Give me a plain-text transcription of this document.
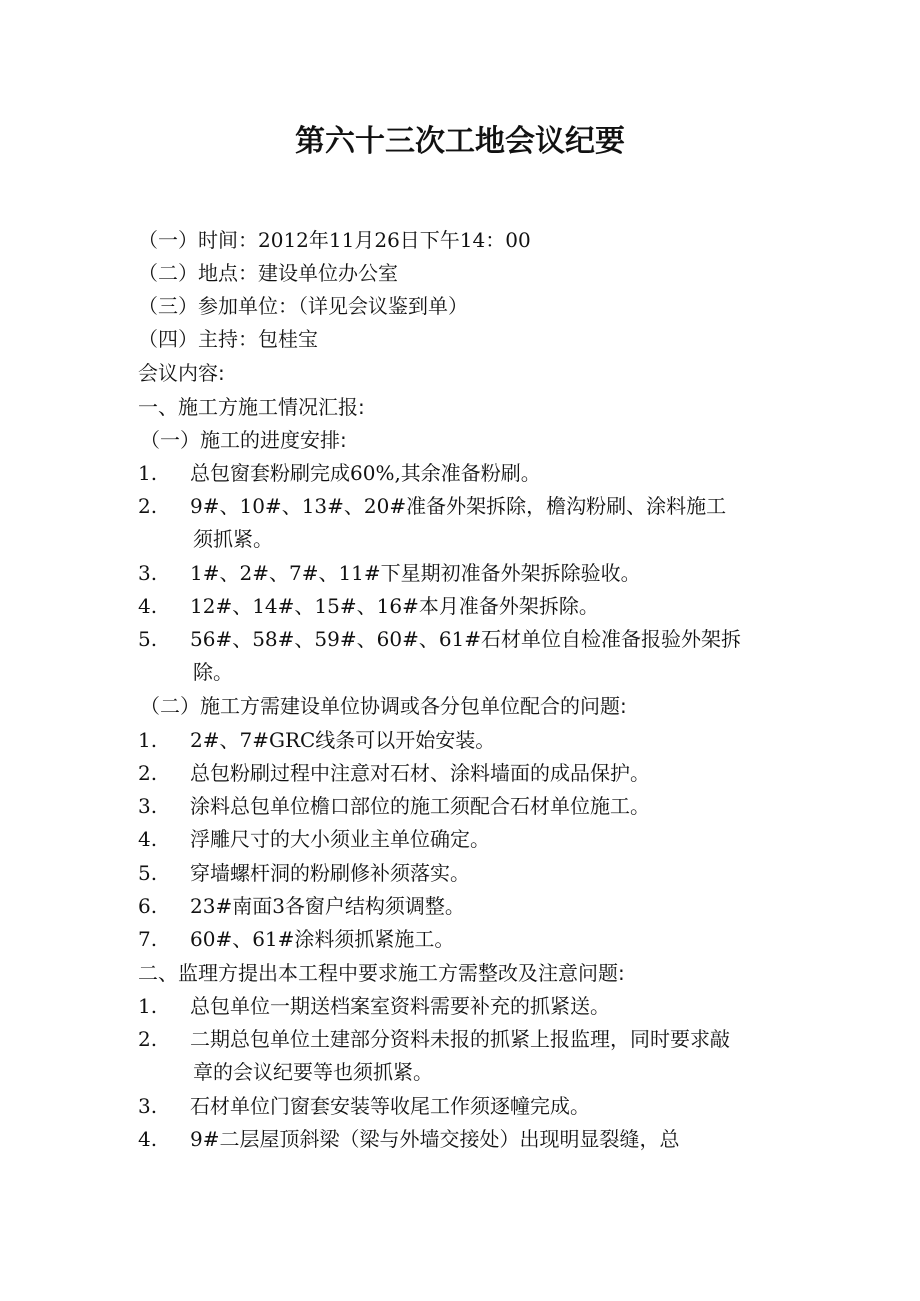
第六十三次工地会议纪要
（一）时间：2012年11月26日下午14：00
（二）地点：建设单位办公室
（三）参加单位：（详见会议鉴到单）
（四）主持：包桂宝
会议内容:
一、施工方施工情况汇报:
（一）施工的进度安排:
1. 总包窗套粉刷完成60%,其余准备粉刷。
2. 9#、10#、13#、20#准备外架拆除，檐沟粉刷、涂料施工
须抓紧。
3. 1#、2#、7#、11#下星期初准备外架拆除验收。
4. 12#、14#、15#、16#本月准备外架拆除。
5. 56#、58#、59#、60#、61#石材单位自检准备报验外架拆
除。
（二）施工方需建设单位协调或各分包单位配合的问题:
1. 2#、7#GRC线条可以开始安装。
2. 总包粉刷过程中注意对石材、涂料墙面的成品保护。
3. 涂料总包单位檐口部位的施工须配合石材单位施工。
4. 浮雕尺寸的大小须业主单位确定。
5. 穿墙螺杆洞的粉刷修补须落实。
6. 23#南面3各窗户结构须调整。
7. 60#、61#涂料须抓紧施工。
二、监理方提出本工程中要求施工方需整改及注意问题:
1. 总包单位一期送档案室资料需要补充的抓紧送。
2. 二期总包单位土建部分资料未报的抓紧上报监理，同时要求敲
章的会议纪要等也须抓紧。
3. 石材单位门窗套安装等收尾工作须逐幢完成。
4. 9#二层屋顶斜梁（梁与外墙交接处）出现明显裂缝，总
